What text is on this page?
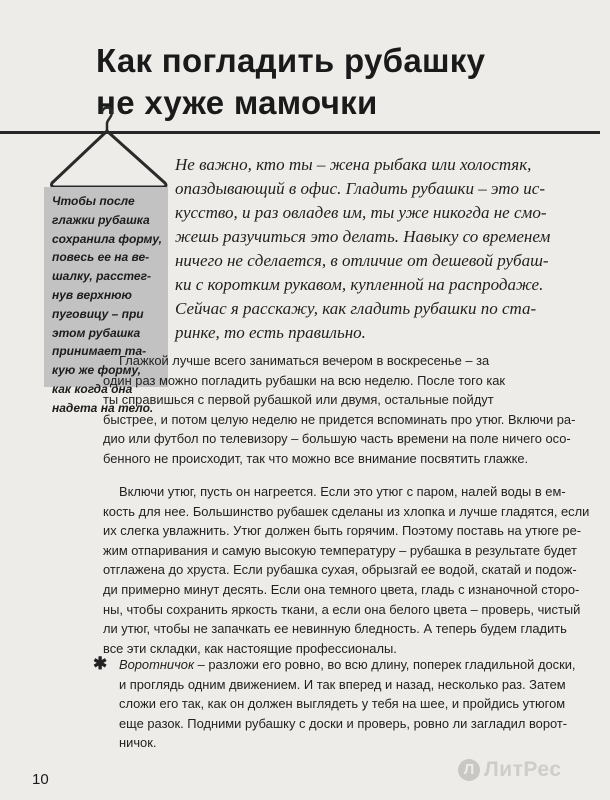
Как погладить рубашку
не хуже мамочки
Чтобы после
глажки рубашка
сохранила форму,
повесь ее на ве-
шалку, расстег-
нув верхнюю
пуговицу – при
этом рубашка
принимает та-
кую же форму,
как когда она
надета на тело.
Не важно, кто ты – жена рыбака или холостяк,
опаздывающий в офис. Гладить рубашки – это ис-
кусство, и раз овладев им, ты уже никогда не смо-
жешь разучиться это делать. Навыку со временем
ничего не сделается, в отличие от дешевой рубаш-
ки с коротким рукавом, купленной на распродаже.
Сейчас я расскажу, как гладить рубашки по ста-
ринке, то есть правильно.
Глажкой лучше всего заниматься вечером в воскресенье – за
один раз можно погладить рубашки на всю неделю. После того как
ты справишься с первой рубашкой или двумя, остальные пойдут
быстрее, и потом целую неделю не придется вспоминать про утюг. Включи ра-
дио или футбол по телевизору – большую часть времени на поле ничего осо-
бенного не происходит, так что можно все внимание посвятить глажке.
Включи утюг, пусть он нагреется. Если это утюг с паром, налей воды в ем-
кость для нее. Большинство рубашек сделаны из хлопка и лучше гладятся, если
их слегка увлажнить. Утюг должен быть горячим. Поэтому поставь на утюге ре-
жим отпаривания и самую высокую температуру – рубашка в результате будет
отглажена до хруста. Если рубашка сухая, обрызгай ее водой, скатай и подож-
ди примерно минут десять. Если она темного цвета, гладь с изнаночной сторо-
ны, чтобы сохранить яркость ткани, а если она белого цвета – проверь, чистый
ли утюг, чтобы не запачкать ее невинную бледность. А теперь будем гладить
все эти складки, как настоящие профессионалы.
✱ Воротничок – разложи его ровно, во всю длину, поперек гладильной доски,
и проглядь одним движением. И так вперед и назад, несколько раз. Затем
сложи его так, как он должен выглядеть у тебя на шее, и пройдись утюгом
еще разок. Подними рубашку с доски и проверь, ровно ли загладил ворот-
ничок.
10
Л ЛитРес
